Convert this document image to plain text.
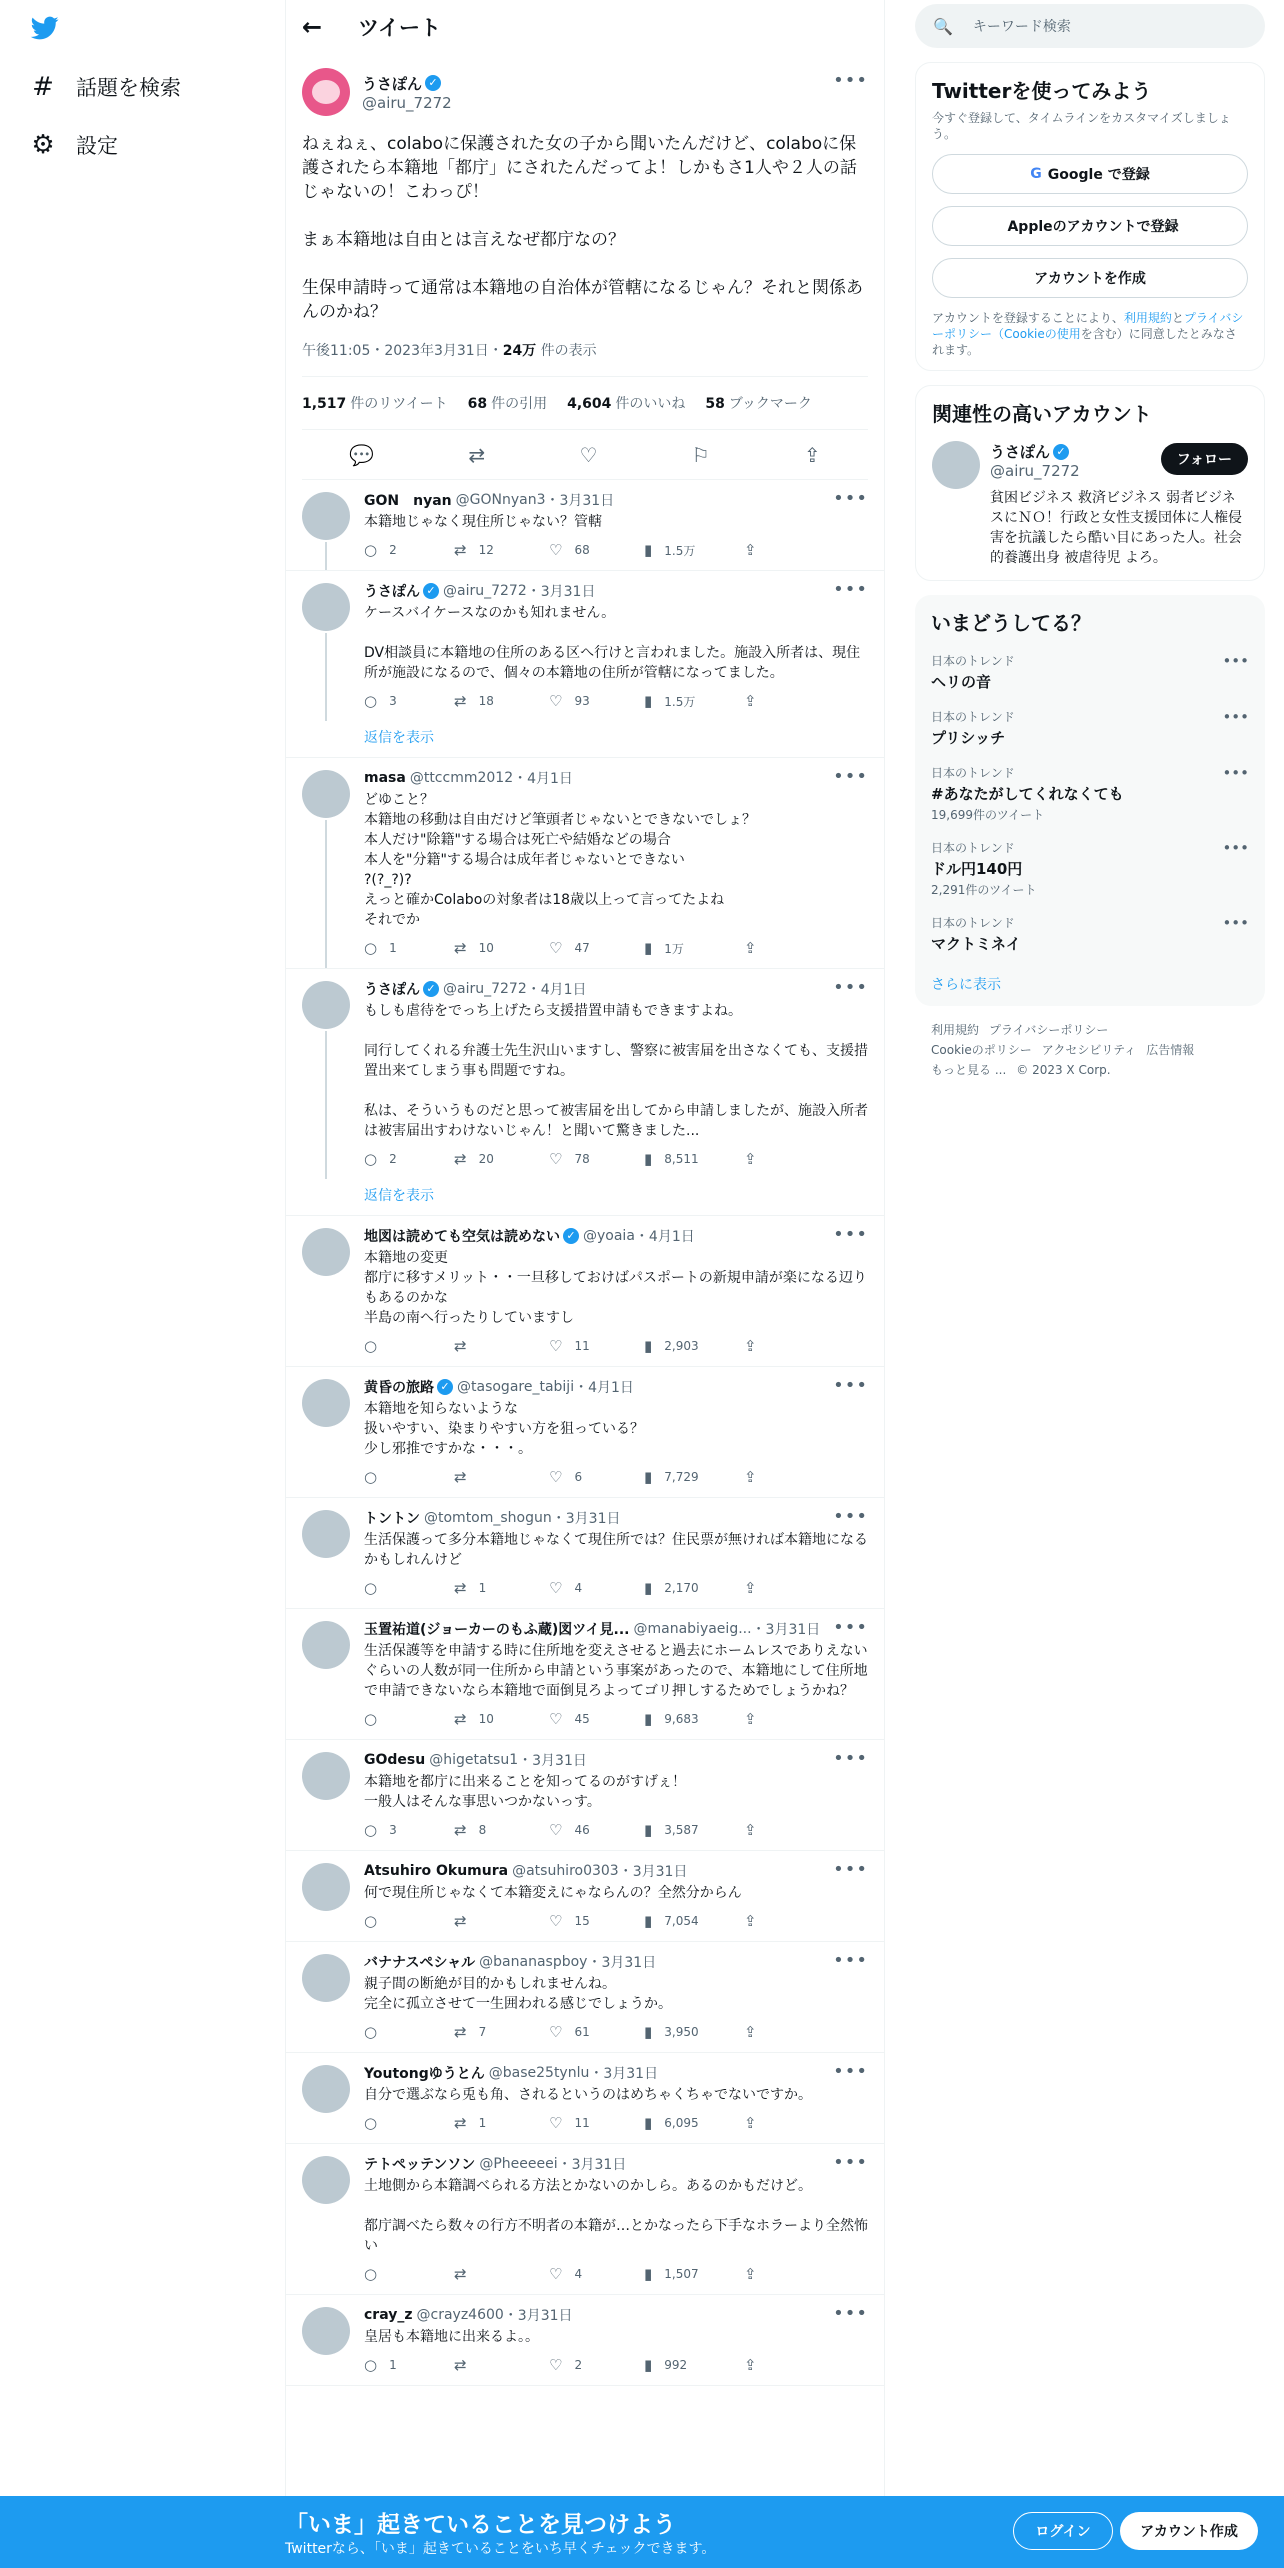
# 話題を検索
⚙ 設定
←	ツイート
うさぽん ✓
@airu_7272
•••
ねぇねぇ、colaboに保護された女の子から聞いたんだけど、colaboに保護されたら本籍地「都庁」にされたんだってよ！しかもさ1人や２人の話じゃないの！こわっぴ！

まぁ本籍地は自由とは言えなぜ都庁なの？

生保申請時って通常は本籍地の自治体が管轄になるじゃん？それと関係あんのかね？
午後11:05・2023年3月31日・24万 件の表示
1,517 件のリツイート 68 件の引用 4,604 件のいいね 58 ブックマーク
💬	⇄	♡	⚐	⇪
•••
GON　nyan @GONnyan3 ・3月31日
本籍地じゃなく現住所じゃない？管轄
○ 2	⇄ 12	♡ 68	▮ 1.5万	⇪
•••
うさぽん ✓ @airu_7272 ・3月31日
ケースバイケースなのかも知れません。

DV相談員に本籍地の住所のある区へ行けと言われました。施設入所者は、現住所が施設になるので、個々の本籍地の住所が管轄になってました。
○ 3	⇄ 18	♡ 93	▮ 1.5万	⇪
返信を表示
•••
masa @ttccmm2012 ・4月1日
どゆこと？
本籍地の移動は自由だけど筆頭者じゃないとできないでしょ？
本人だけ"除籍"する場合は死亡や結婚などの場合
本人を"分籍"する場合は成年者じゃないとできない
?(?_?)?
えっと確かColaboの対象者は18歳以上って言ってたよね
それでか
○ 1	⇄ 10	♡ 47	▮ 1万	⇪
•••
うさぽん ✓ @airu_7272 ・4月1日
もしも虐待をでっち上げたら支援措置申請もできますよね。

同行してくれる弁護士先生沢山いますし、警察に被害届を出さなくても、支援措置出来てしまう事も問題ですね。

私は、そういうものだと思って被害届を出してから申請しましたが、施設入所者は被害届出すわけないじゃん！と聞いて驚きました...
○ 2	⇄ 20	♡ 78	▮ 8,511	⇪
返信を表示
•••
地図は読めても空気は読めない ✓ @yoaia ・4月1日
本籍地の変更
都庁に移すメリット・・一旦移しておけばパスポートの新規申請が楽になる辺りもあるのかな
半島の南へ行ったりしていますし
○	⇄	♡ 11	▮ 2,903	⇪
•••
黄昏の旅路 ✓ @tasogare_tabiji ・4月1日
本籍地を知らないような
扱いやすい、染まりやすい方を狙っている？
少し邪推ですかな・・・。
○	⇄	♡ 6	▮ 7,729	⇪
•••
トントン @tomtom_shogun ・3月31日
生活保護って多分本籍地じゃなくて現住所では？住民票が無ければ本籍地になるかもしれんけど
○	⇄ 1	♡ 4	▮ 2,170	⇪
•••
玉置祐道(ジョーカーのもふ蔵)図ツイ見... @manabiyaeig... ・3月31日
生活保護等を申請する時に住所地を変えさせると過去にホームレスでありえないぐらいの人数が同一住所から申請という事案があったので、本籍地にして住所地で申請できないなら本籍地で面倒見ろよってゴリ押しするためでしょうかね？
○	⇄ 10	♡ 45	▮ 9,683	⇪
•••
GOdesu @higetatsu1 ・3月31日
本籍地を都庁に出来ることを知ってるのがすげぇ！
一般人はそんな事思いつかないっす。
○ 3	⇄ 8	♡ 46	▮ 3,587	⇪
•••
Atsuhiro Okumura @atsuhiro0303 ・3月31日
何で現住所じゃなくて本籍変えにゃならんの？全然分からん
○	⇄	♡ 15	▮ 7,054	⇪
•••
バナナスペシャル @bananaspboy ・3月31日
親子間の断絶が目的かもしれませんね。
完全に孤立させて一生囲われる感じでしょうか。
○	⇄ 7	♡ 61	▮ 3,950	⇪
•••
Youtongゆうとん @base25tynlu ・3月31日
自分で選ぶなら兎も角、されるというのはめちゃくちゃでないですか。
○	⇄ 1	♡ 11	▮ 6,095	⇪
•••
テトペッテンソン @Pheeeeei ・3月31日
土地側から本籍調べられる方法とかないのかしら。あるのかもだけど。

都庁調べたら数々の行方不明者の本籍が…とかなったら下手なホラーより全然怖い
○	⇄	♡ 4	▮ 1,507	⇪
•••
cray_z @crayz4600 ・3月31日
皇居も本籍地に出来るよ。。
○ 1	⇄	♡ 2	▮ 992	⇪
🔍 キーワード検索
Twitterを使ってみよう
今すぐ登録して、タイムラインをカスタマイズしましょう。
G Google で登録
Appleのアカウントで登録
アカウントを作成
アカウントを登録することにより、利用規約とプライバシーポリシー（Cookieの使用を含む）に同意したとみなされます。
関連性の高いアカウント
うさぽん ✓
@airu_7272
貧困ビジネス 救済ビジネス 弱者ビジネスにＮＯ！行政と女性支援団体に人権侵害を抗議したら酷い目にあった人。社会的養護出身 被虐待児 よろ。
フォロー
いまどうしてる？
日本のトレンド
ヘリの音
•••
日本のトレンド
プリシッチ
•••
日本のトレンド
#あなたがしてくれなくても
19,699件のツイート
•••
日本のトレンド
ドル円140円
2,291件のツイート
•••
日本のトレンド
マクトミネイ
•••
さらに表示
利用規約 プライバシーポリシー
Cookieのポリシー アクセシビリティ 広告情報
もっと見る ... © 2023 X Corp.
「いま」起きていることを見つけよう
Twitterなら、「いま」起きていることをいち早くチェックできます。
ログイン	アカウント作成
